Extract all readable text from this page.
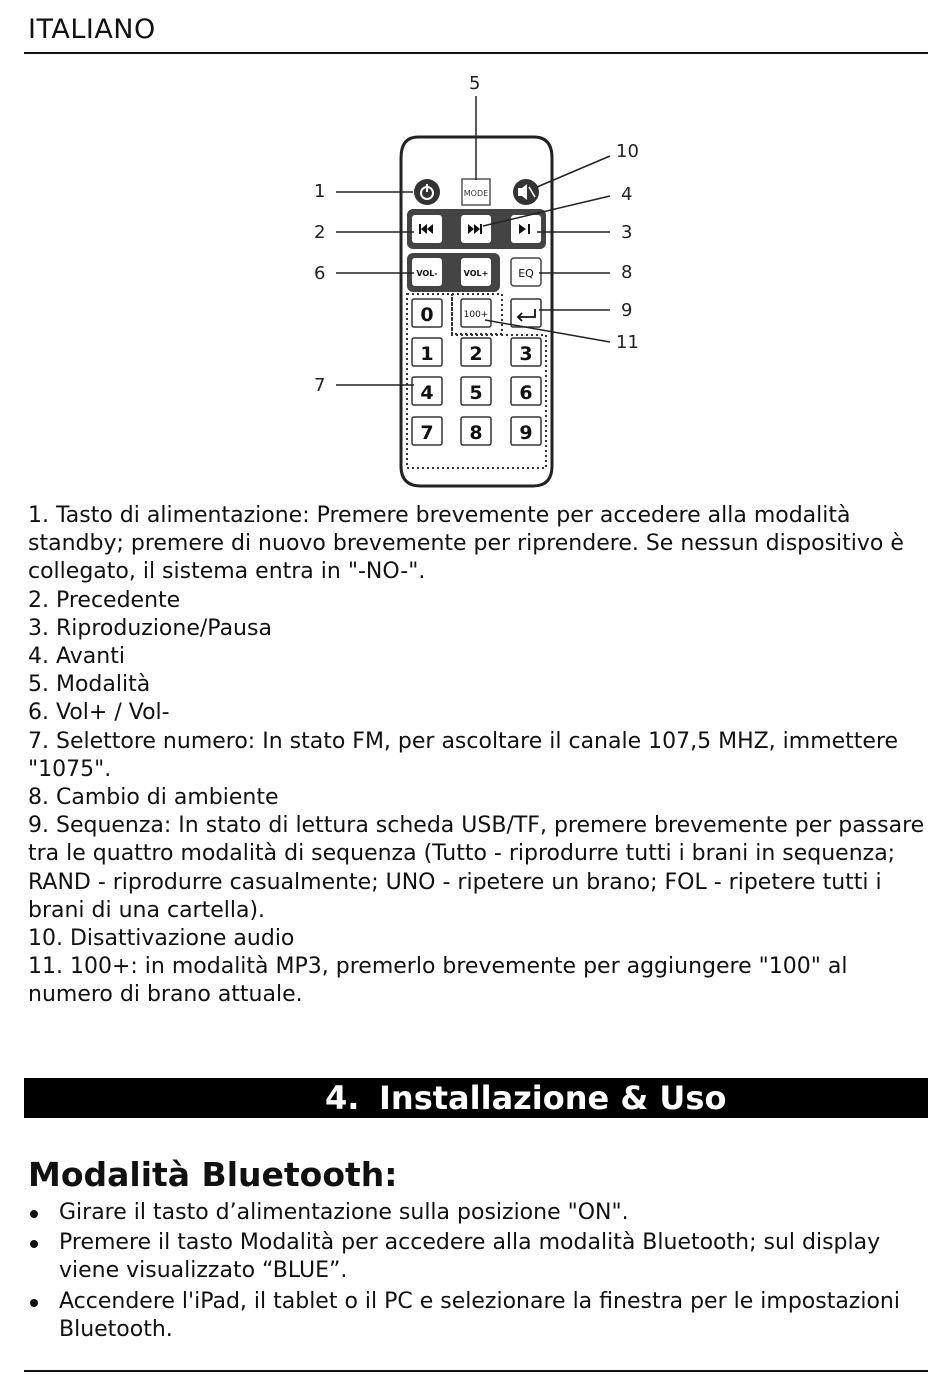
ITALIANO
MODE
VOL-	VOL+	EQ
0	100+
1 2 3
4 5 6
7 8 9
1
2	3
4
5
6
7
8
9
10
11

1. Tasto di alimentazione: Premere brevemente per accedere alla modalità standby; premere di nuovo brevemente per riprendere. Se nessun dispositivo è collegato, il sistema entra in "-NO-".

2. Precedente

3. Riproduzione/Pausa

4. Avanti

5. Modalità

6. Vol+ / Vol-

7. Selettore numero: In stato FM, per ascoltare il canale 107,5 MHZ, immettere "1075".

8. Cambio di ambiente

9. Sequenza: In stato di lettura scheda USB/TF, premere brevemente per passare tra le quattro modalità di sequenza (Tutto - riprodurre tutti i brani in sequenza; RAND - riprodurre casualmente; UNO - ripetere un brano; FOL - ripetere tutti i brani di una cartella).

10. Disattivazione audio

11. 100+: in modalità MP3, premerlo brevemente per aggiungere "100" al numero di brano attuale.

4. Installazione & Uso
Modalità Bluetooth:
Girare il tasto d’alimentazione sulla posizione "ON".
Premere il tasto Modalità per accedere alla modalità Bluetooth; sul display viene visualizzato “BLUE”.
Accendere l'iPad, il tablet o il PC e selezionare la finestra per le impostazioni Bluetooth.
